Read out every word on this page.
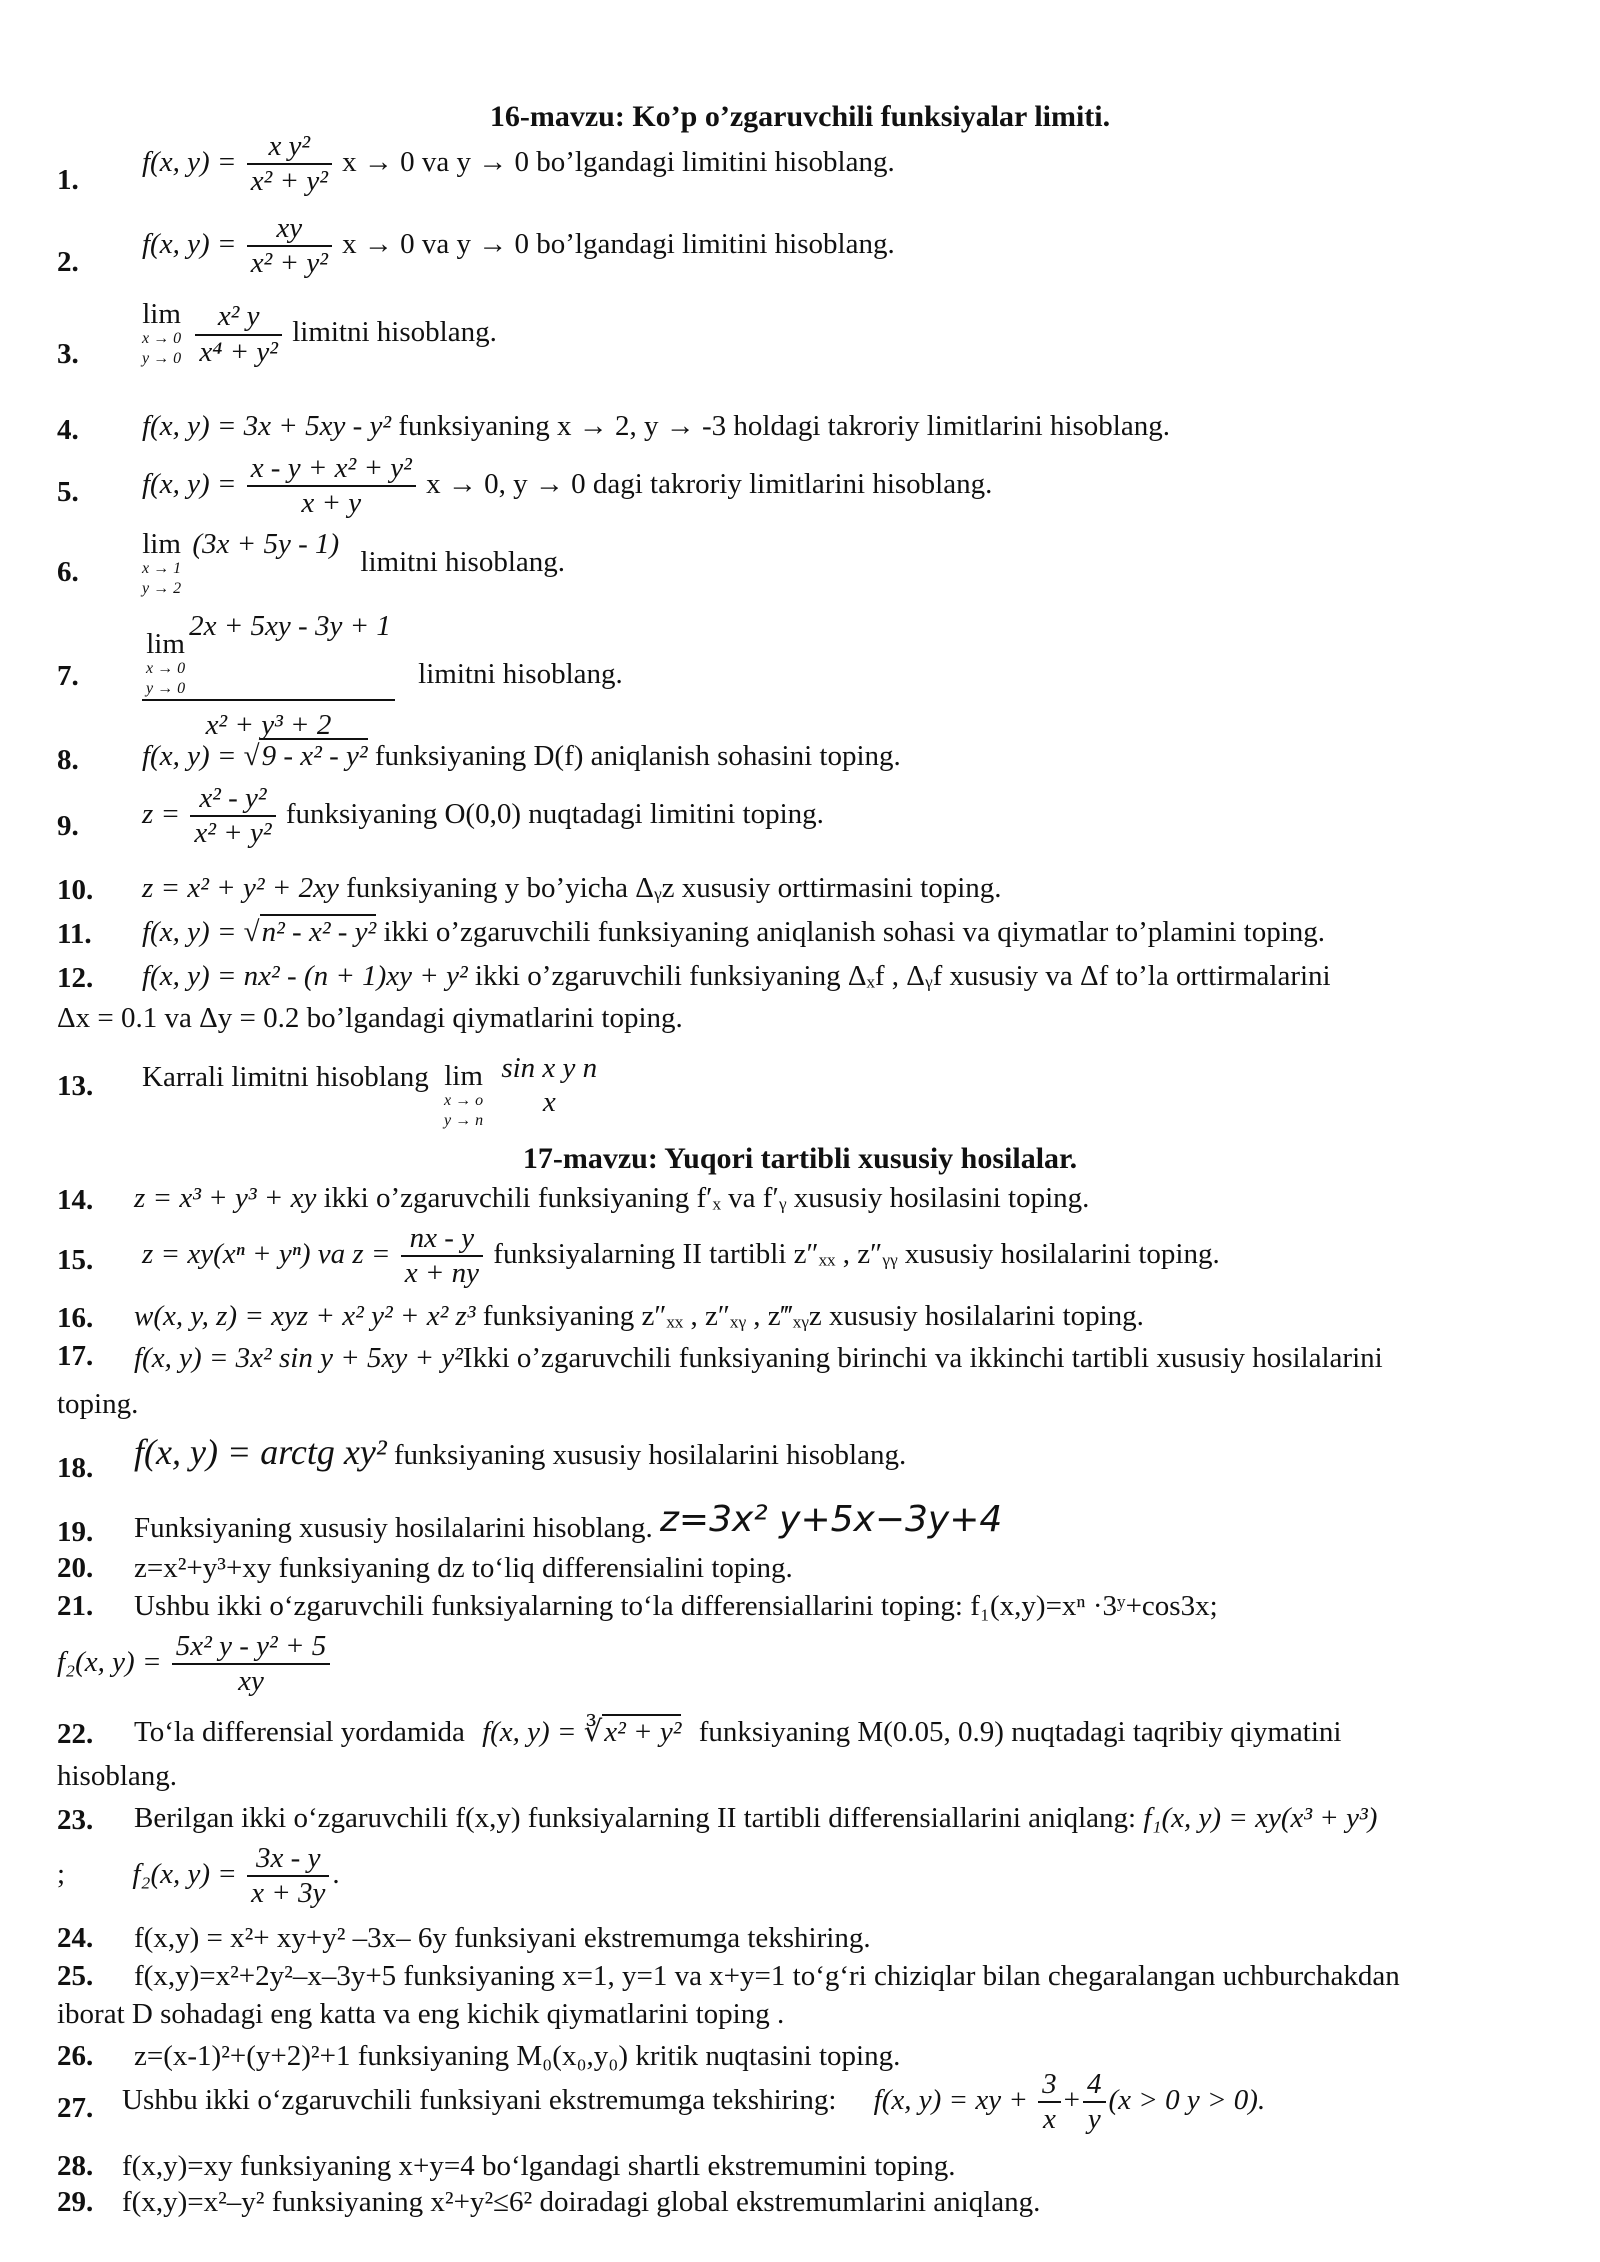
16-mavzu: Ko’p o’zgaruvchili funksiyalar limiti.
1.
f(x, $y) = \frac{\text{x y²}}{\text{x² + y²}}$ x → 0 va y → 0 bo’lgandagi limitini hisoblang.
2.
f(x, $y) = \frac{xy}{\text{x² + y²}}$ x → 0 va y → 0 bo’lgandagi limitini hisoblang.
3.
lim
x → 0
y → 0
$\frac{\text{x² y}}{\text{x⁴ + y²}}$ limitni hisoblang.
4. f(x, y) = 3x + 5xy - y² funksiyaning x → 2, y → -3 holdagi takroriy limitlarini hisoblang.
5. f(x, $y) = \frac{\text{x - y + x² + y²}}{x + y}$ x → 0, y → 0 dagi takroriy limitlarini hisoblang.
6.
lim
x → 1
y → 2
(3x + 5y - 1) limitni hisoblang.
7.
lim
x → 0
y → 0
2x + 5xy - 3y + 1
x² + y³ + 2
limitni hisoblang.
8. f(x, y) = √9 - x² - y² funksiyaning D(f) aniqlanish sohasini toping.
9. $z = \frac{\text{x² - y²}}{\text{x² + y²}}$ funksiyaning O(0,0) nuqtadagi limitini toping.
10. z = x² + y² + 2xy funksiyaning y bo’yicha Δᵧz xususiy orttirmasini toping.
11. f(x, y) = √n² - x² - y² ikki o’zgaruvchili funksiyaning aniqlanish sohasi va qiymatlar to’plamini toping.
12. f(x, y) = nx² - (n + 1)xy + y² ikki o’zgaruvchili funksiyaning Δₓf , Δᵧf xususiy va Δf to’la orttirmalarini
Δx = 0.1 va Δy = 0.2 bo’lgandagi qiymatlarini toping.
13. Karrali limitni hisoblang lim
x → o
y → n

sin x y n
x
17-mavzu: Yuqori tartibli xususiy hosilalar.
14. z = x³ + y³ + xy ikki o’zgaruvchili funksiyaning f′ₓ va f′ᵧ xususiy hosilasini toping.
15. z = xy(xⁿ + yⁿ) va $z = \frac{nx - y}{x + ny}$ funksiyalarning II tartibli z″ₓₓ , z″ᵧᵧ xususiy hosilalarini toping.
16. w(x, y, z) = xyz + x² y² + x² z³ funksiyaning z″ₓₓ , z″ₓᵧ , z‴ₓᵧz xususiy hosilalarini toping.
17. f(x, y) = 3x² sin y + 5xy + y²Ikki o’zgaruvchili funksiyaning birinchi va ikkinchi tartibli xususiy hosilalarini
toping.
18. f(x, y) = arctg xy² funksiyaning xususiy hosilalarini hisoblang.
19. Funksiyaning xususiy hosilalarini hisoblang. z=3x² y+5x−3y+4
20. z=x²+y³+xy funksiyaning dz to‘liq differensialini toping.
21. Ushbu ikki o‘zgaruvchili funksiyalarning to‘la differensiallarini toping: f₁(x,y)=xⁿ ·3ʸ+cos3x;
f₂(x, $y) = \frac{\text{5x² y - y² + 5}}{xy}$
22. To‘la differensial yordamida f(x, y) = ∛x² + y² funksiyaning M(0.05, 0.9) nuqtadagi taqribiy qiymatini
hisoblang.
23. Berilgan ikki o‘zgaruvchili f(x,y) funksiyalarning II tartibli differensiallarini aniqlang: f₁(x, y) = xy(x³ + y³)
; f₂(x, $y) = \frac{3x - y}{x + 3y}$ .
24. f(x,y) = x²+ xy+y² –3x– 6y funksiyani ekstremumga tekshiring.
25. f(x,y)=x²+2y²–x–3y+5 funksiyaning x=1, y=1 va x+y=1 to‘g‘ri chiziqlar bilan chegaralangan uchburchakdan
iborat D sohadagi eng katta va eng kichik qiymatlarini toping .
26. z=(x-1)²+(y+2)²+1 funksiyaning M₀(x₀,y₀) kritik nuqtasini toping.
27. Ushbu ikki o‘zgaruvchili funksiyani ekstremumga tekshiring: f(x, y) = xy + $\frac{3}{x} + \frac{4}{y} (x > 0$ y > 0).
28. f(x,y)=xy funksiyaning x+y=4 bo‘lgandagi shartli ekstremumini toping.
29. f(x,y)=x²–y² funksiyaning x²+y²≤6² doiradagi global ekstremumlarini aniqlang.
